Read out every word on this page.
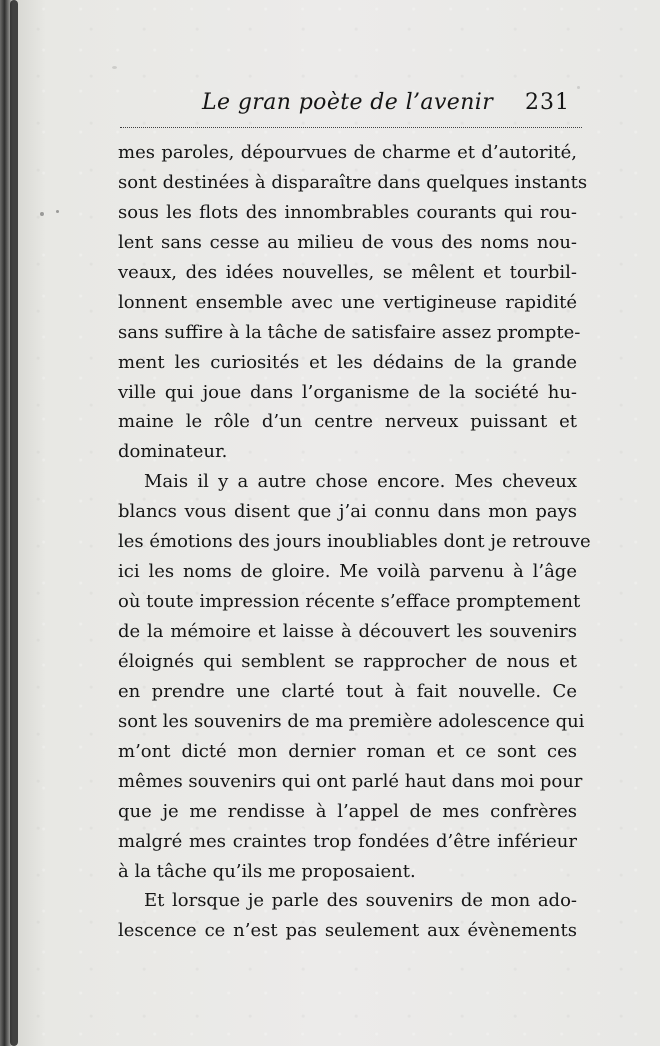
Le gran poète de l’avenir 231
mes paroles, dépourvues de charme et d’autorité,
sont destinées à disparaître dans quelques instants
sous les flots des innombrables courants qui rou-
lent sans cesse au milieu de vous des noms nou-
veaux, des idées nouvelles, se mêlent et tourbil-
lonnent ensemble avec une vertigineuse rapidité
sans suffire à la tâche de satisfaire assez prompte-
ment les curiosités et les dédains de la grande
ville qui joue dans l’organisme de la société hu-
maine le rôle d’un centre nerveux puissant et
dominateur.
Mais il y a autre chose encore. Mes cheveux
blancs vous disent que j’ai connu dans mon pays
les émotions des jours inoubliables dont je retrouve
ici les noms de gloire. Me voilà parvenu à l’âge
où toute impression récente s’efface promptement
de la mémoire et laisse à découvert les souvenirs
éloignés qui semblent se rapprocher de nous et
en prendre une clarté tout à fait nouvelle. Ce
sont les souvenirs de ma première adolescence qui
m’ont dicté mon dernier roman et ce sont ces
mêmes souvenirs qui ont parlé haut dans moi pour
que je me rendisse à l’appel de mes confrères
malgré mes craintes trop fondées d’être inférieur
à la tâche qu’ils me proposaient.
Et lorsque je parle des souvenirs de mon ado-
lescence ce n’est pas seulement aux évènements
